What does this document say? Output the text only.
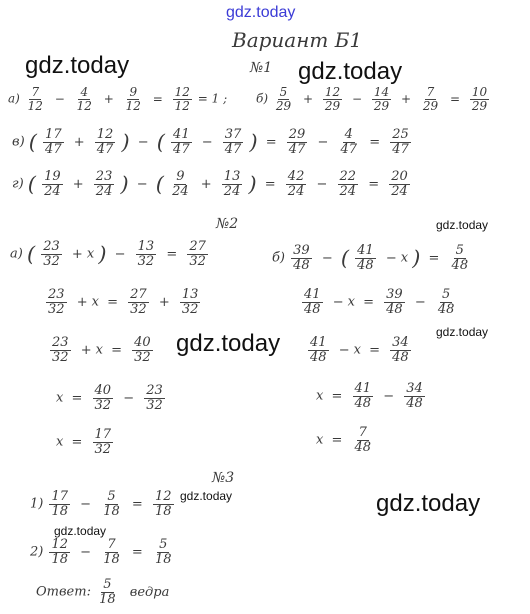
gdz.today
gdz.today	gdz.today
gdz.today
gdz.today
gdz.today
gdz.today
gdz.today
gdz.today
Вариант Б1
№1
$а) \frac{7}{12} - \frac{4}{12} + \frac{9}{12} = \frac{12}{12} = 1$ ; $б) \frac{5}{29} + \frac{12}{29} - \frac{14}{29} + \frac{7}{29} = \frac{10}{29}$
в) ( $\frac{17}{47} + \frac{12}{47}$ ) − ( $\frac{41}{47} - \frac{37}{47}$ ) = $\frac{29}{47} - \frac{4}{47} = \frac{25}{47}$
г) ( $\frac{19}{24} + \frac{23}{24}$ ) − ( $\frac{9}{24} + \frac{13}{24}$ ) = $\frac{42}{24} - \frac{22}{24} = \frac{20}{24}$
№2
а) ( $\frac{23}{32} + x$ ) − $\frac{13}{32} = \frac{27}{32}$
$\frac{23}{32} + x = \frac{27}{32} + \frac{13}{32}$
$\frac{23}{32} + x = \frac{40}{32}$
$x = \frac{40}{32} - \frac{23}{32}$
$x = \frac{17}{32}$
$б) \frac{39}{48}$ − ( $\frac{41}{48} - x$ ) = $\frac{5}{48}$
$\frac{41}{48} - x = \frac{39}{48} - \frac{5}{48}$
$\frac{41}{48} - x = \frac{34}{48}$
$x = \frac{41}{48} - \frac{34}{48}$
$x = \frac{7}{48}$
№3
$1) \frac{17}{18} - \frac{5}{18} = \frac{12}{18}$
$2) \frac{12}{18} - \frac{7}{18} = \frac{5}{18}$
Ответ: $\frac{5}{18}$ ведра
